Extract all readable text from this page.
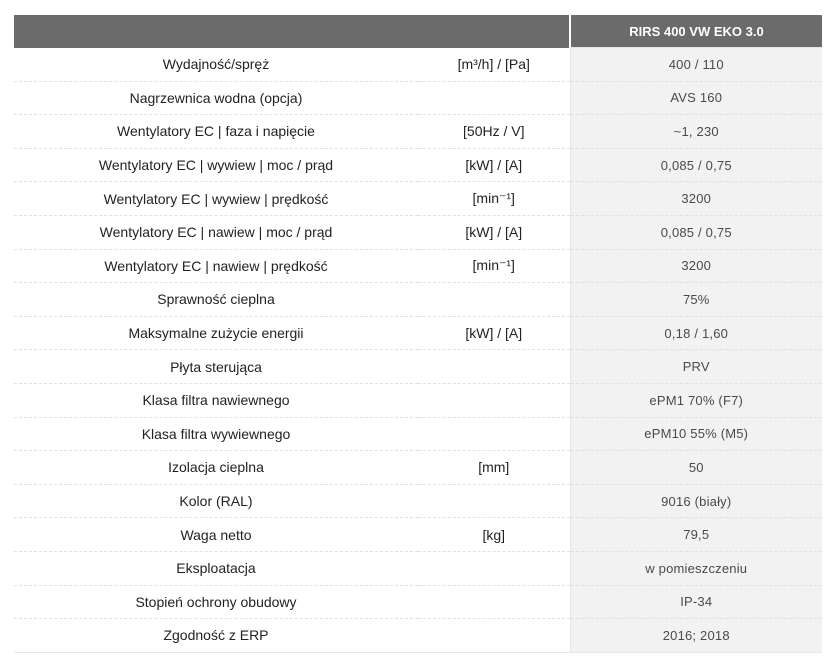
		RIRS 400 VW EKO 3.0
Wydajność/spręż	[m³/h] / [Pa]	400 / 110
Nagrzewnica wodna (opcja)		AVS 160
Wentylatory EC | faza i napięcie	[50Hz / V]	~1, 230
Wentylatory EC | wywiew | moc / prąd	[kW] / [A]	0,085 / 0,75
Wentylatory EC | wywiew | prędkość	[min⁻¹]	3200
Wentylatory EC | nawiew | moc / prąd	[kW] / [A]	0,085 / 0,75
Wentylatory EC | nawiew | prędkość	[min⁻¹]	3200
Sprawność cieplna		75%
Maksymalne zużycie energii	[kW] / [A]	0,18 / 1,60
Płyta sterująca		PRV
Klasa filtra nawiewnego		ePM1 70% (F7)
Klasa filtra wywiewnego		ePM10 55% (M5)
Izolacja cieplna	[mm]	50
Kolor (RAL)		9016 (biały)
Waga netto	[kg]	79,5
Eksploatacja		w pomieszczeniu
Stopień ochrony obudowy		IP-34
Zgodność z ERP		2016; 2018
